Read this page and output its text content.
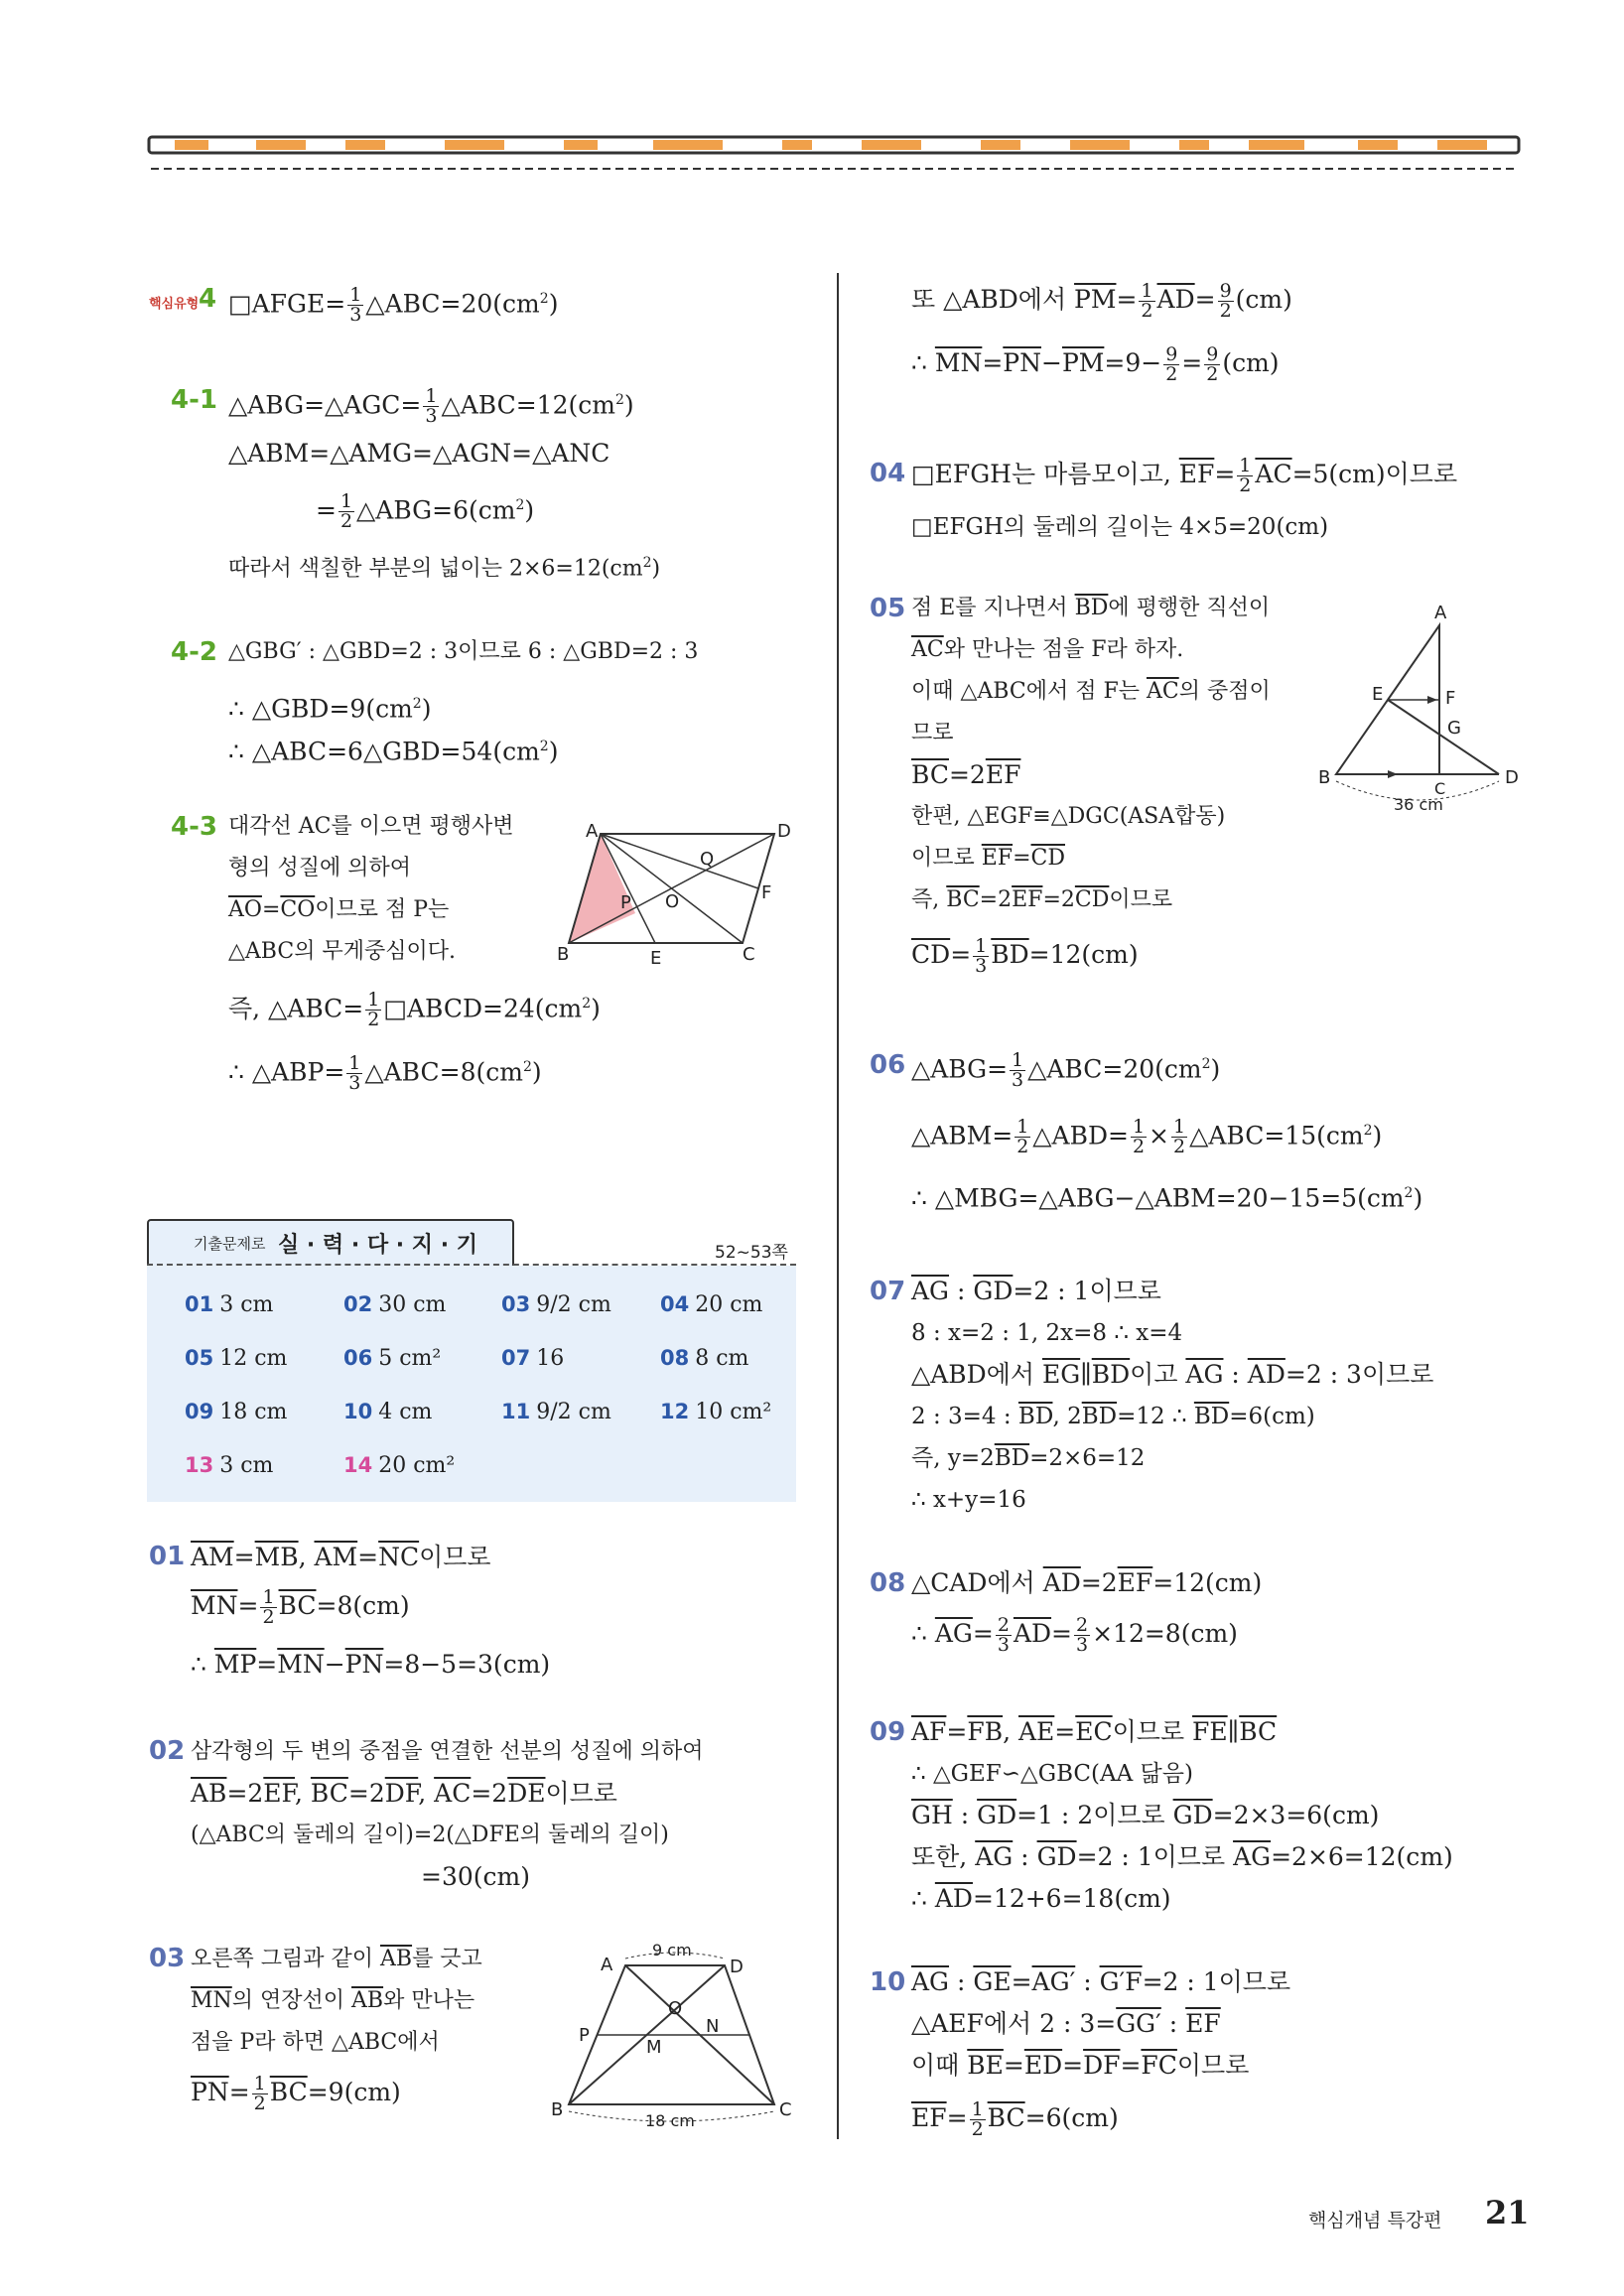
핵심유형 4 □AFGE= $\frac{1}{3}$ $\triangle ABC=20(cm^2)$
4-1 △ABG=△AGC= $\frac{1}{3}$ $\triangle ABC=12(cm^2)$
△ABM=△AMG=△AGN=△ANC
= $\frac{1}{2}$ $\triangle ABG=6(cm^2)$
따라서 색칠한 부분의 넓이는 $2\times 6=12(cm^2)$
4-2 △GBG′ : △GBD=2 : 3이므로 6 : △GBD=2 : 3
∴ $\triangle GBD=9(cm^2)$
∴ $\triangle ABC=6\triangle GBD=54(cm^2)$
4-3 대각선 AC를 이으면 평행사변
형의 성질에 의하여
$\overline{AO}=\overline{CO}$이므로 점 P는
△ABC의 무게중심이다.
즉, △ABC= $\frac{1}{2}$ $□ABCD=24(cm^2)$
∴ △ABP= $\frac{1}{3}$ $\triangle ABC=8(cm^2)$
A	D
B	C
E
F
O
P
Q
기출문제로 실 · 력 · 다 · 지 · 기	52~53쪽
01 3 cm	02 30 cm	03 9/2 cm 04 20 cm
05 12 cm	06 5 cm²	07 16	08 8 cm
09 18 cm	10 4 cm	11 9/2 cm 12 10 cm²
13 3 cm	14 20 cm²
01 $\overline{AM}=\overline{MB}$, $\overline{AM}=\overline{NC}$이므로
$\overline{MN}= \frac{1}{2} \overline{BC}=8(cm)$
∴ $\overline{MP}=\overline{MN}-\overline{PN}=8-5=3(cm)$
02 삼각형의 두 변의 중점을 연결한 선분의 성질에 의하여
$\overline{AB}=2\overline{EF}$, $\overline{BC}=2\overline{DF}$, $\overline{AC}=2\overline{DE}$이므로
(△ABC의 둘레의 길이)=2(△DFE의 둘레의 길이)
=30(cm)
03 오른쪽 그림과 같이 $\overline{AB}$를 긋고
$\overline{MN}$의 연장선이 $\overline{AB}$와 만나는
점을 P라 하면 △ABC에서
$\overline{PN}= \frac{1}{2} \overline{BC}=9(cm)$
9 cm
18 cm
A	D
B	C
O
P
M
N
또 △ABD에서 $\overline{PM}= \frac{1}{2} \overline{AD}= \frac{9}{2} (cm)$
∴ $\overline{MN}=\overline{PN}-\overline{PM}=9- \frac{9}{2} = \frac{9}{2} (cm)$
04 □EFGH는 마름모이고, $\overline{EF}= \frac{1}{2} \overline{AC}=5(cm)$이므로
□EFGH의 둘레의 길이는 4×5=20(cm)
05 점 E를 지나면서 $\overline{BD}$에 평행한 직선이
$\overline{AC}$와 만나는 점을 F라 하자.
이때 △ABC에서 점 F는 $\overline{AC}$의 중점이
므로
$\overline{BC}=2\overline{EF}$
한편, △EGF≡△DGC(ASA합동)
이므로 $\overline{EF}=\overline{CD}$
즉, $\overline{BC}=2\overline{EF}=2\overline{CD}$이므로
$\overline{CD}= \frac{1}{3} \overline{BD}=12(cm)$
A
B
C
D
E	F
G
36 cm
06 △ABG= $\frac{1}{3}$ $\triangle ABC=20(cm^2)$
△ABM= $\frac{1}{2}$ △ABD= $\frac{1}{2} \times \frac{1}{2}$ $\triangle ABC=15(cm^2)$
∴ $\triangle MBG=\triangle ABG-\triangle ABM=20-15=5(cm^2)$
07 $\overline{AG}$ : $\overline{GD}=2$ : 1이므로
8 : x=2 : 1, 2x=8 ∴ x=4
△ABD에서 $\overline{EG}\parallel\overline{BD}$이고 $\overline{AG}$ : $\overline{AD}=2$ : 3이므로
2 : 3=4 : $\overline{BD}$, $2\overline{BD}=12$ ∴ $\overline{BD}=6(cm)$
즉, $y=2\overline{BD}=2\times 6=12$
∴ x+y=16
08 △CAD에서 $\overline{AD}=2\overline{EF}=12(cm)$
∴ $\overline{AG}= \frac{2}{3} \overline{AD}= \frac{2}{3} \times 12=8(cm)$
09 $\overline{AF}=\overline{FB}$, $\overline{AE}=\overline{EC}$이므로 $\overline{FE}\parallel\overline{BC}$
∴ △GEF∽△GBC(AA 닮음)
$\overline{GH}$ : $\overline{GD}=1$ : 2이므로 $\overline{GD}=2\times 3=6(cm)$
또한, $\overline{AG}$ : $\overline{GD}=2$ : 1이므로 $\overline{AG}=2\times 6=12(cm)$
∴ $\overline{AD}=12+6=18(cm)$
10 $\overline{AG}$ : $\overline{GE}=AG'$ : G′F=2 : 1이므로
△AEF에서 2 : 3=GG′ : $\overline{EF}$
이때 $\overline{BE}=\overline{ED}=\overline{DF}=\overline{FC}$이므로
$\overline{EF}= \frac{1}{2} \overline{BC}=6(cm)$
핵심개념 특강편 21
